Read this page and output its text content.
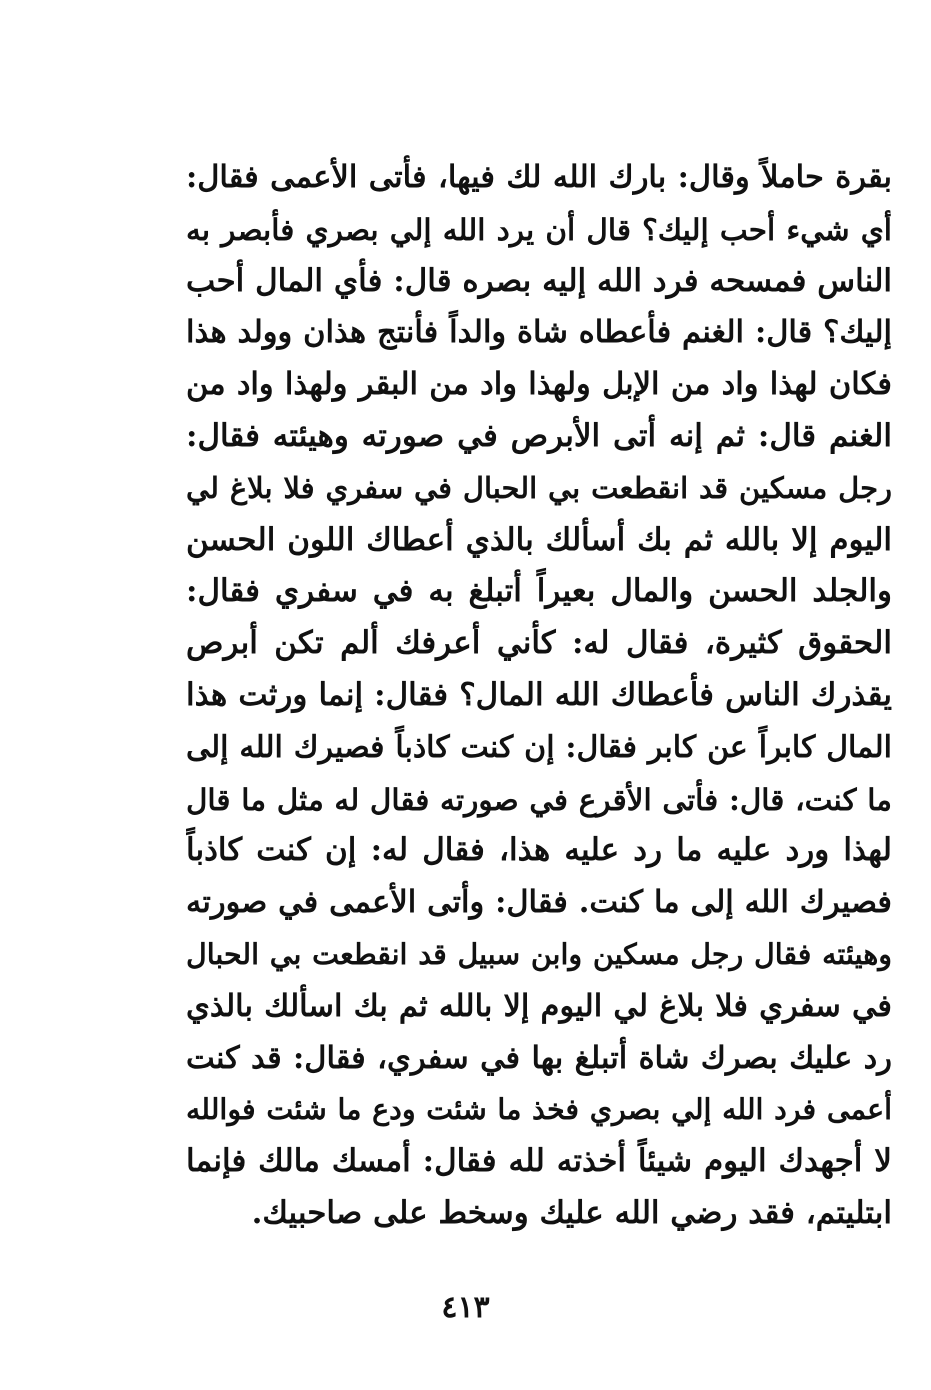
بقرة حاملاً وقال: بارك الله لك فيها، فأتى الأعمى فقال:
أي شيء أحب إليك؟ قال أن يرد الله إلي بصري فأبصر به
الناس فمسحه فرد الله إليه بصره قال: فأي المال أحب
إليك؟ قال: الغنم فأعطاه شاة والداً فأنتج هذان وولد هذا
فكان لهذا واد من الإبل ولهذا واد من البقر ولهذا واد من
الغنم قال: ثم إنه أتى الأبرص في صورته وهيئته فقال:
رجل مسكين قد انقطعت بي الحبال في سفري فلا بلاغ لي
اليوم إلا بالله ثم بك أسألك بالذي أعطاك اللون الحسن
والجلد الحسن والمال بعيراً أتبلغ به في سفري فقال:
الحقوق كثيرة، فقال له: كأني أعرفك ألم تكن أبرص
يقذرك الناس فأعطاك الله المال؟ فقال: إنما ورثت هذا
المال كابراً عن كابر فقال: إن كنت كاذباً فصيرك الله إلى
ما كنت، قال: فأتى الأقرع في صورته فقال له مثل ما قال
لهذا ورد عليه ما رد عليه هذا، فقال له: إن كنت كاذباً
فصيرك الله إلى ما كنت. فقال: وأتى الأعمى في صورته
وهيئته فقال رجل مسكين وابن سبيل قد انقطعت بي الحبال
في سفري فلا بلاغ لي اليوم إلا بالله ثم بك اسألك بالذي
رد عليك بصرك شاة أتبلغ بها في سفري، فقال: قد كنت
أعمى فرد الله إلي بصري فخذ ما شئت ودع ما شئت فوالله
لا أجهدك اليوم شيئاً أخذته لله فقال: أمسك مالك فإنما
ابتليتم، فقد رضي الله عليك وسخط على صاحبيك.
٤١٣
